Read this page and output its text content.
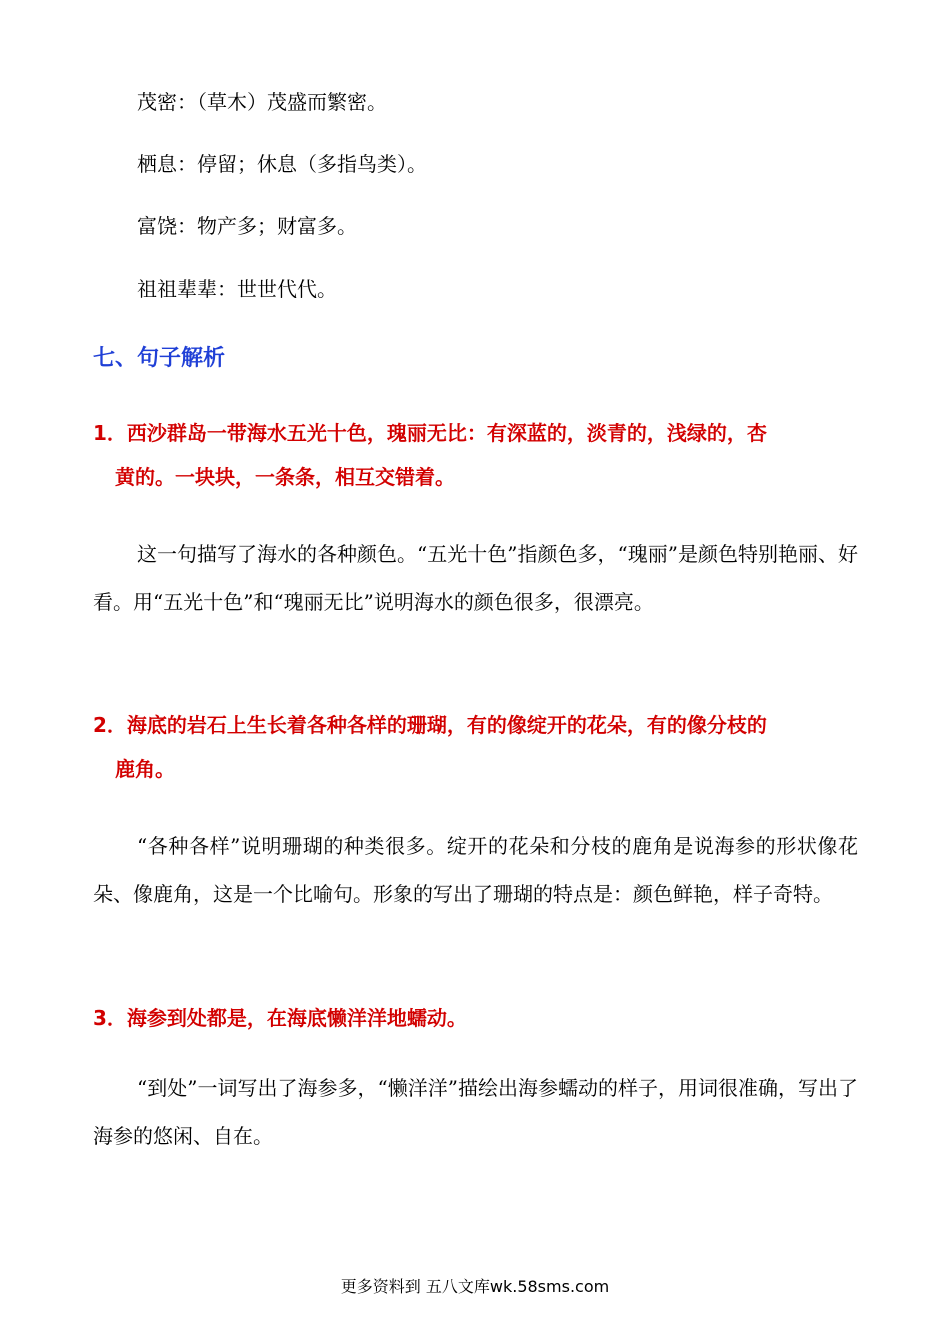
茂密：（草木）茂盛而繁密。
栖息：停留；休息（多指鸟类）。
富饶：物产多；财富多。
祖祖辈辈：世世代代。
七、句子解析
1．西沙群岛一带海水五光十色，瑰丽无比：有深蓝的，淡青的，浅绿的，杏
黄的。一块块，一条条，相互交错着。
这一句描写了海水的各种颜色。“五光十色”指颜色多，“瑰丽”是颜色特别艳丽、好看。用“五光十色”和“瑰丽无比”说明海水的颜色很多，很漂亮。
2．海底的岩石上生长着各种各样的珊瑚，有的像绽开的花朵，有的像分枝的
鹿角。
“各种各样”说明珊瑚的种类很多。绽开的花朵和分枝的鹿角是说海参的形状像花朵、像鹿角，这是一个比喻句。形象的写出了珊瑚的特点是：颜色鲜艳，样子奇特。
3．海参到处都是，在海底懒洋洋地蠕动。
“到处”一词写出了海参多，“懒洋洋”描绘出海参蠕动的样子，用词很准确，写出了海参的悠闲、自在。
更多资料到 五八文库wk.58sms.com
